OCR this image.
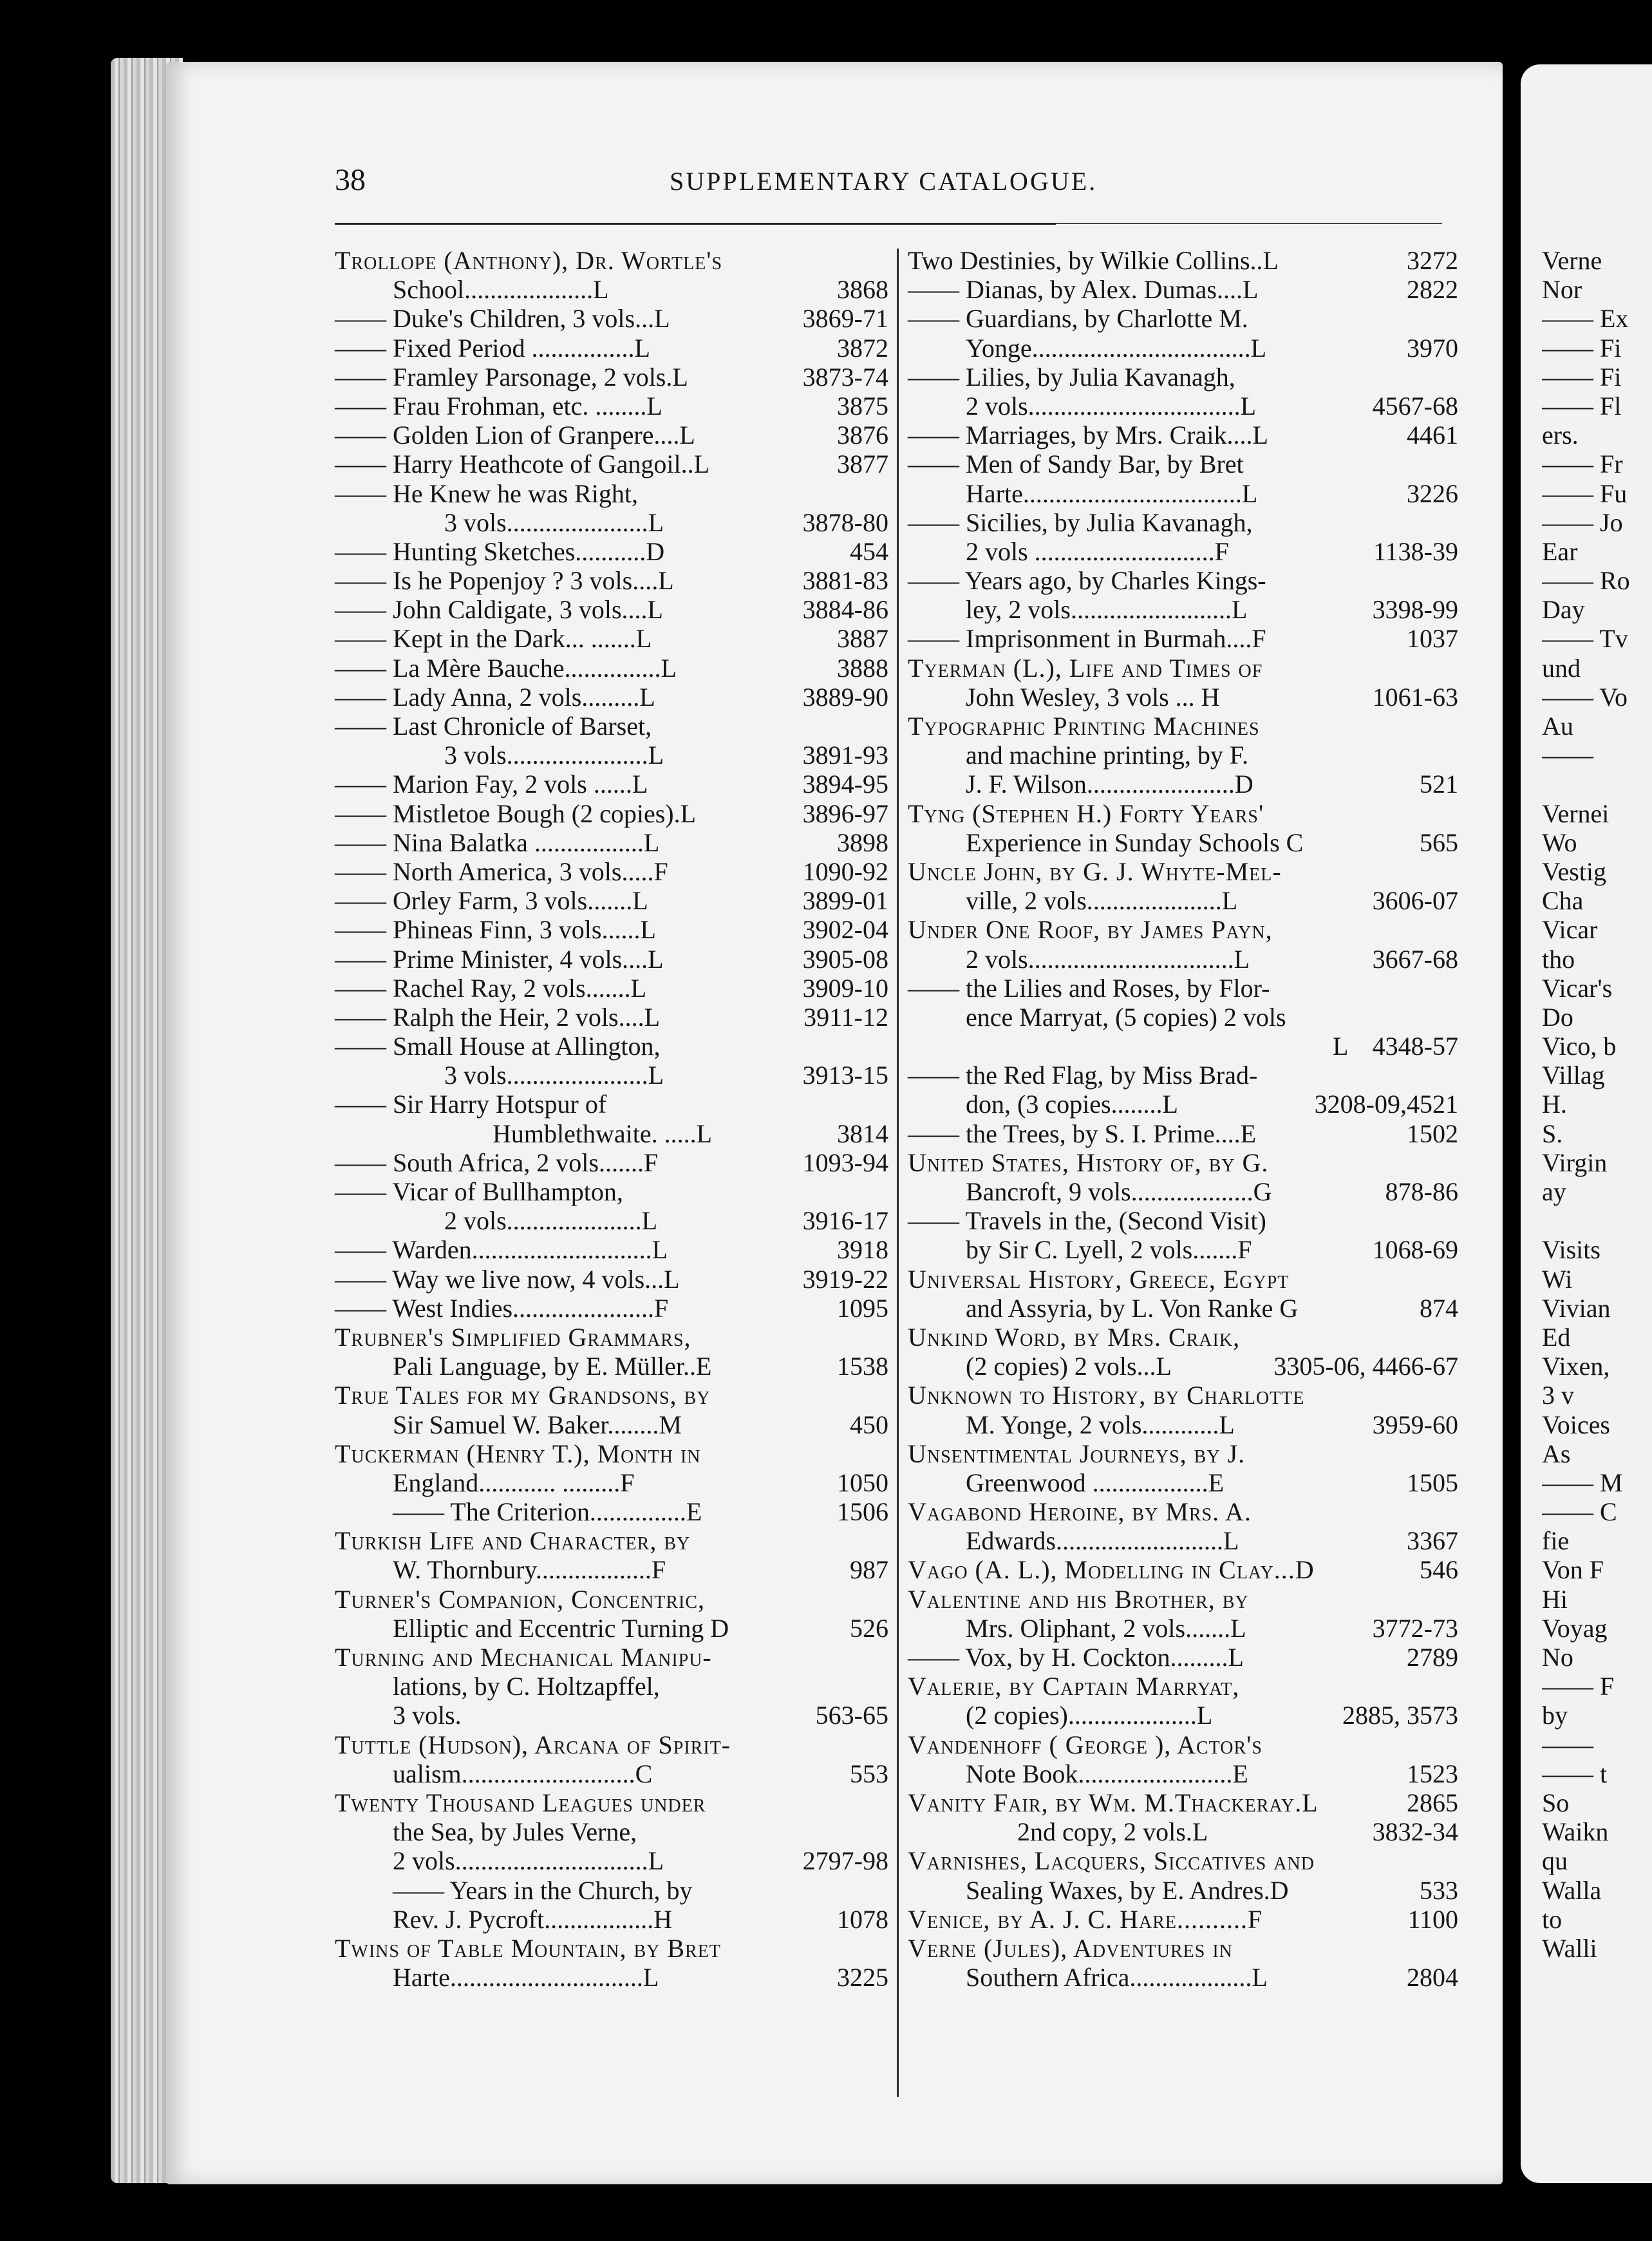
38	SUPPLEMENTARY CATALOGUE.
Trollope (Anthony), Dr. Wortle's
School....................L	3868
—— Duke's Children, 3 vols...L	3869-71
—— Fixed Period ................L	3872
—— Framley Parsonage, 2 vols.L	3873-74
—— Frau Frohman, etc. ........L	3875
—— Golden Lion of Granpere....L	3876
—— Harry Heathcote of Gangoil..L	3877
—— He Knew he was Right,
3 vols......................L	3878-80
—— Hunting Sketches...........D	454
—— Is he Popenjoy ? 3 vols....L	3881-83
—— John Caldigate, 3 vols....L	3884-86
—— Kept in the Dark... .......L	3887
—— La Mère Bauche...............L	3888
—— Lady Anna, 2 vols.........L	3889-90
—— Last Chronicle of Barset,
3 vols......................L	3891-93
—— Marion Fay, 2 vols ......L	3894-95
—— Mistletoe Bough (2 copies).L	3896-97
—— Nina Balatka .................L	3898
—— North America, 3 vols.....F	1090-92
—— Orley Farm, 3 vols.......L	3899-01
—— Phineas Finn, 3 vols......L	3902-04
—— Prime Minister, 4 vols....L	3905-08
—— Rachel Ray, 2 vols.......L	3909-10
—— Ralph the Heir, 2 vols....L	3911-12
—— Small House at Allington,
3 vols......................L	3913-15
—— Sir Harry Hotspur of
Humblethwaite. .....L	3814
—— South Africa, 2 vols.......F	1093-94
—— Vicar of Bullhampton,
2 vols.....................L	3916-17
—— Warden............................L	3918
—— Way we live now, 4 vols...L	3919-22
—— West Indies......................F	1095
Trubner's Simplified Grammars,
Pali Language, by E. Müller..E	1538
True Tales for my Grandsons, by
Sir Samuel W. Baker........M	450
Tuckerman (Henry T.), Month in
England............ .........F	1050
—— The Criterion...............E	1506
Turkish Life and Character, by
W. Thornbury..................F	987
Turner's Companion, Concentric,
Elliptic and Eccentric Turning D	526
Turning and Mechanical Manipu-
lations, by C. Holtzapffel,
3 vols.	563-65
Tuttle (Hudson), Arcana of Spirit-
ualism...........................C	553
Twenty Thousand Leagues under
the Sea, by Jules Verne,
2 vols..............................L	2797-98
—— Years in the Church, by
Rev. J. Pycroft.................H	1078
Twins of Table Mountain, by Bret
Harte..............................L	3225
Two Destinies, by Wilkie Collins..L	3272
—— Dianas, by Alex. Dumas....L	2822
—— Guardians, by Charlotte M.
Yonge..................................L	3970
—— Lilies, by Julia Kavanagh,
2 vols.................................L	4567-68
—— Marriages, by Mrs. Craik....L	4461
—— Men of Sandy Bar, by Bret
Harte..................................L	3226
—— Sicilies, by Julia Kavanagh,
2 vols ............................F	1138-39
—— Years ago, by Charles Kings-
ley, 2 vols.........................L	3398-99
—— Imprisonment in Burmah....F	1037
Tyerman (L.), Life and Times of
John Wesley, 3 vols ... H	1061-63
Typographic Printing Machines
and machine printing, by F.
J. F. Wilson.......................D	521
Tyng (Stephen H.) Forty Years'
Experience in Sunday Schools C	565
Uncle John, by G. J. Whyte-Mel-
ville, 2 vols.....................L	3606-07
Under One Roof, by James Payn,
2 vols................................L	3667-68
—— the Lilies and Roses, by Flor-
ence Marryat, (5 copies) 2 vols
L 4348-57
—— the Red Flag, by Miss Brad-
don, (3 copies........L	3208-09,4521
—— the Trees, by S. I. Prime....E	1502
United States, History of, by G.
Bancroft, 9 vols...................G	878-86
—— Travels in the, (Second Visit)
by Sir C. Lyell, 2 vols.......F	1068-69
Universal History, Greece, Egypt
and Assyria, by L. Von Ranke G	874
Unkind Word, by Mrs. Craik,
(2 copies) 2 vols...L	3305-06, 4466-67
Unknown to History, by Charlotte
M. Yonge, 2 vols............L	3959-60
Unsentimental Journeys, by J.
Greenwood ..................E	1505
Vagabond Heroine, by Mrs. A.
Edwards..........................L	3367
Vago (A. L.), Modelling in Clay...D	546
Valentine and his Brother, by
Mrs. Oliphant, 2 vols.......L	3772-73
—— Vox, by H. Cockton.........L	2789
Valerie, by Captain Marryat,
(2 copies)....................L	2885, 3573
Vandenhoff ( George ), Actor's
Note Book........................E	1523
Vanity Fair, by Wm. M.Thackeray.L	2865
2nd copy, 2 vols.L	3832-34
Varnishes, Lacquers, Siccatives and
Sealing Waxes, by E. Andres.D	533
Venice, by A. J. C. Hare..........F	1100
Verne (Jules), Adventures in
Southern Africa...................L	2804
Verne
Nor
—— Ex
—— Fi
—— Fi
—— Fl
ers.
—— Fr
—— Fu
—— Jo
Ear
—— Ro
Day
—— Tv
und
—— Vo
Au
——
Vernei
Wo
Vestig
Cha
Vicar
tho
Vicar's
Do
Vico, b
Villag
H.
S.
Virgin
ay
Visits
Wi
Vivian
Ed
Vixen,
3 v
Voices
As
—— M
—— C
fie
Von F
Hi
Voyag
No
—— F
by
——
—— t
So
Waikn
qu
Walla
to
Walli
